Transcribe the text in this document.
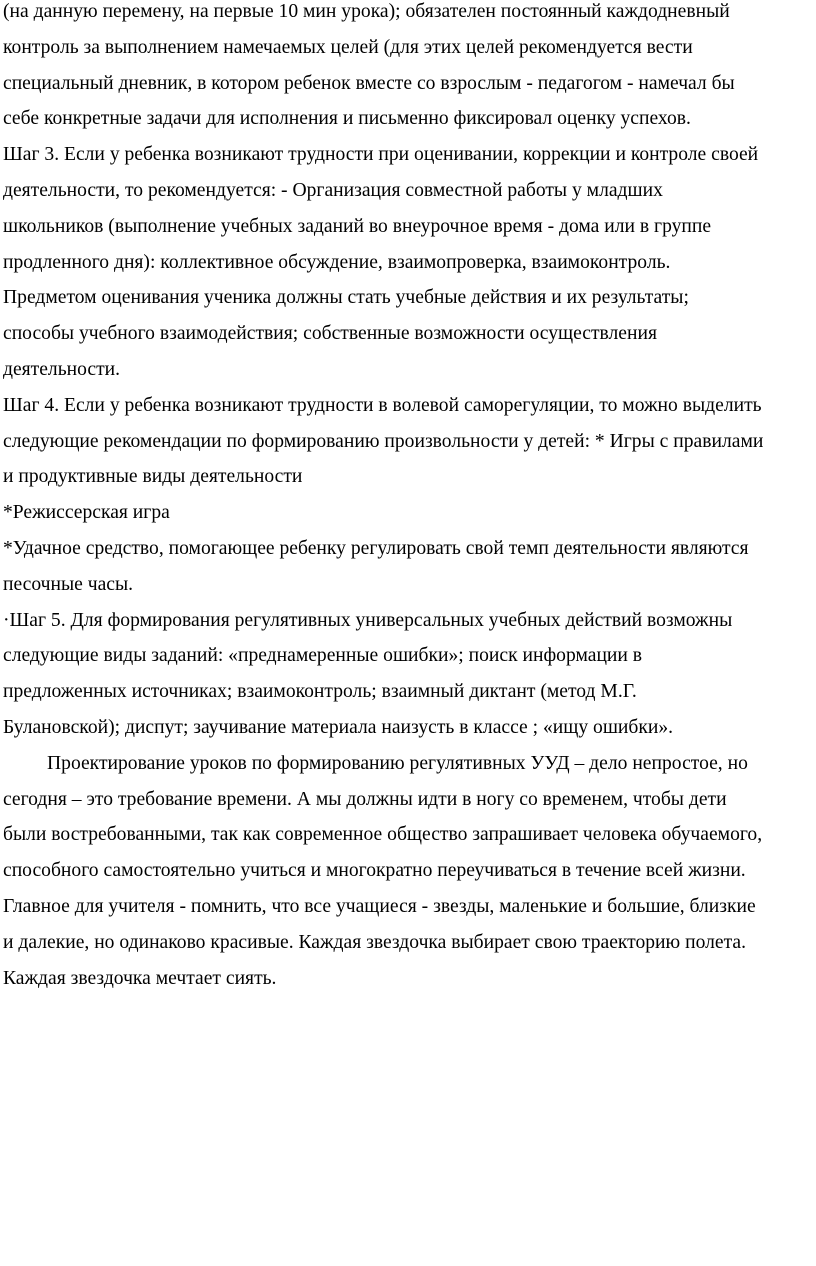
(на данную перемену, на первые 10 мин урока); обязателен постоянный каждодневный
контроль за выполнением намечаемых целей (для этих целей рекомендуется вести
специальный дневник, в котором ребенок вместе со взрослым - педагогом - намечал бы
себе конкретные задачи для исполнения и письменно фиксировал оценку успехов.
Шаг 3. Если у ребенка возникают трудности при оценивании, коррекции и контроле своей
деятельности, то рекомендуется: - Организация совместной работы у младших
школьников (выполнение учебных заданий во внеурочное время - дома или в группе
продленного дня): коллективное обсуждение, взаимопроверка, взаимоконтроль.
Предметом оценивания ученика должны стать учебные действия и их результаты;
способы учебного взаимодействия; собственные возможности осуществления
деятельности.
Шаг 4. Если у ребенка возникают трудности в волевой саморегуляции, то можно выделить
следующие рекомендации по формированию произвольности у детей: * Игры с правилами
и продуктивные виды деятельности
*Режиссерская игра
*Удачное средство, помогающее ребенку регулировать свой темп деятельности являются
песочные часы.
·Шаг 5. Для формирования регулятивных универсальных учебных действий возможны
следующие виды заданий: «преднамеренные ошибки»; поиск информации в
предложенных источниках; взаимоконтроль; взаимный диктант (метод М.Г.
Булановской); диспут; заучивание материала наизусть в классе ; «ищу ошибки».
Проектирование уроков по формированию регулятивных УУД – дело непростое, но
сегодня – это требование времени. А мы должны идти в ногу со временем, чтобы дети
были востребованными, так как современное общество запрашивает человека обучаемого,
способного самостоятельно учиться и многократно переучиваться в течение всей жизни.
Главное для учителя - помнить, что все учащиеся - звезды, маленькие и большие, близкие
и далекие, но одинаково красивые. Каждая звездочка выбирает свою траекторию полета.
Каждая звездочка мечтает сиять.
